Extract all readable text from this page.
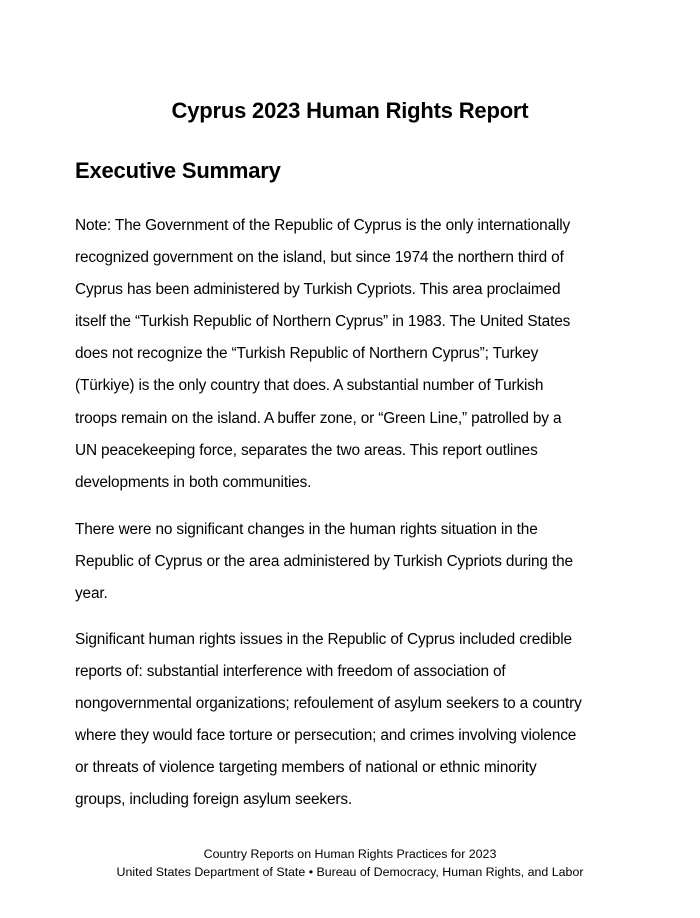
Cyprus 2023 Human Rights Report
Executive Summary
Note: The Government of the Republic of Cyprus is the only internationally
recognized government on the island, but since 1974 the northern third of
Cyprus has been administered by Turkish Cypriots. This area proclaimed
itself the “Turkish Republic of Northern Cyprus” in 1983. The United States
does not recognize the “Turkish Republic of Northern Cyprus”; Turkey
(Türkiye) is the only country that does. A substantial number of Turkish
troops remain on the island. A buffer zone, or “Green Line,” patrolled by a
UN peacekeeping force, separates the two areas. This report outlines
developments in both communities.
There were no significant changes in the human rights situation in the
Republic of Cyprus or the area administered by Turkish Cypriots during the
year.
Significant human rights issues in the Republic of Cyprus included credible
reports of: substantial interference with freedom of association of
nongovernmental organizations; refoulement of asylum seekers to a country
where they would face torture or persecution; and crimes involving violence
or threats of violence targeting members of national or ethnic minority
groups, including foreign asylum seekers.
Country Reports on Human Rights Practices for 2023
United States Department of State • Bureau of Democracy, Human Rights, and Labor
